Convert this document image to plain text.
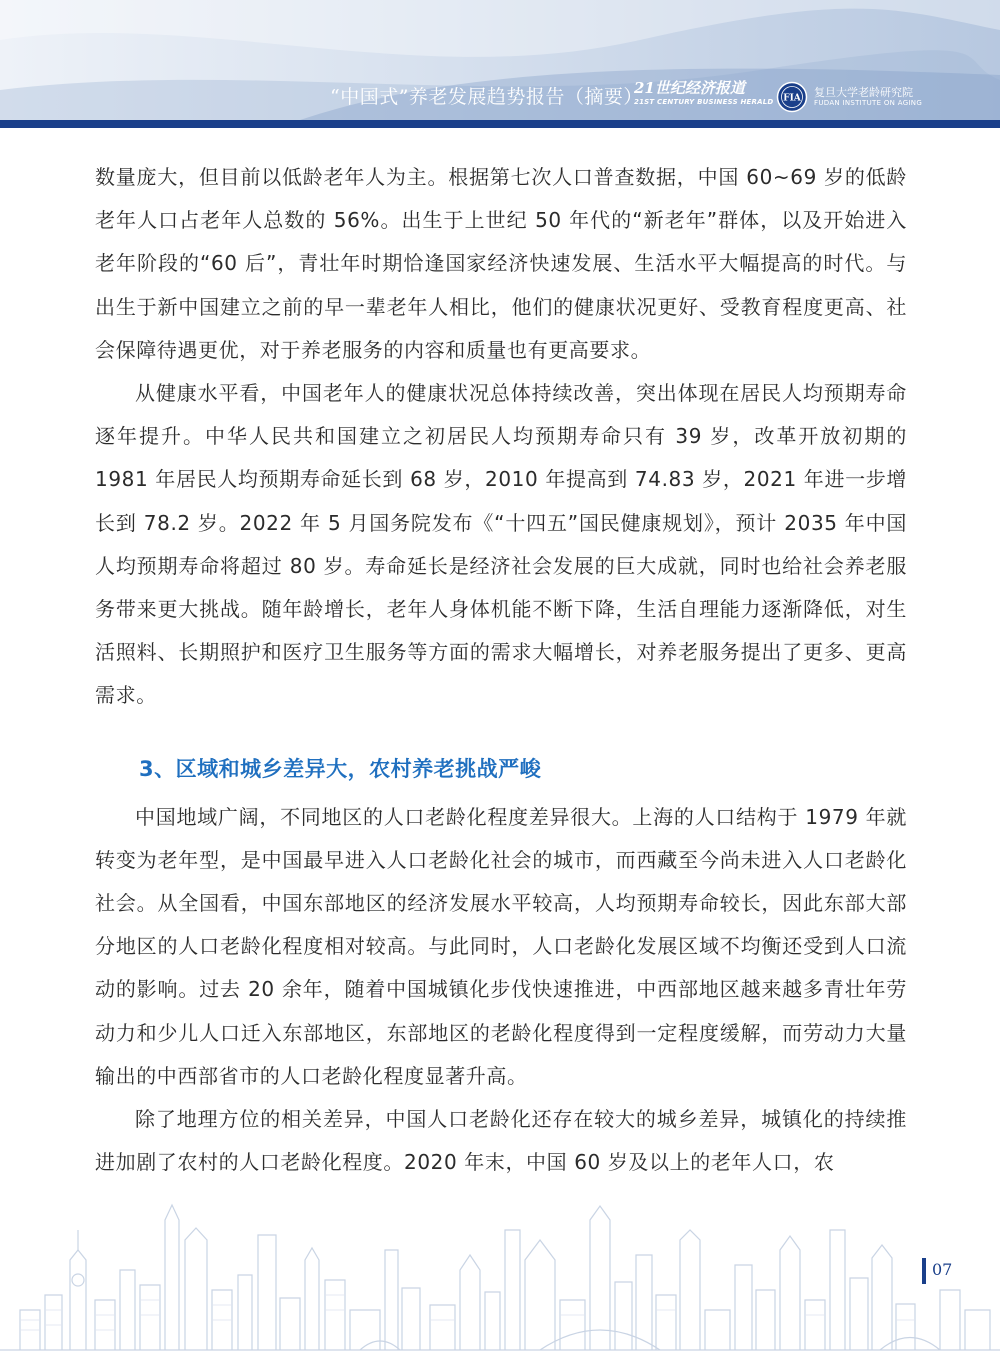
“中国式”养老发展趋势报告（摘要）
21世纪经济报道
21ST CENTURY BUSINESS HERALD FIA 复旦大学老龄研究院
FUDAN INSTITUTE ON AGING

数量庞大，但目前以低龄老年人为主。根据第七次人口普查数据，中国 60~69 岁的低龄老年人口占老年人总数的 56%。出生于上世纪 50 年代的“新老年”群体，以及开始进入老年阶段的“60 后”，青壮年时期恰逢国家经济快速发展、生活水平大幅提高的时代。与出生于新中国建立之前的早一辈老年人相比，他们的健康状况更好、受教育程度更高、社会保障待遇更优，对于养老服务的内容和质量也有更高要求。

从健康水平看，中国老年人的健康状况总体持续改善，突出体现在居民人均预期寿命逐年提升。中华人民共和国建立之初居民人均预期寿命只有 39 岁，改革开放初期的 1981 年居民人均预期寿命延长到 68 岁，2010 年提高到 74.83 岁，2021 年进一步增长到 78.2 岁。2022 年 5 月国务院发布《“十四五”国民健康规划》，预计 2035 年中国人均预期寿命将超过 80 岁。寿命延长是经济社会发展的巨大成就，同时也给社会养老服务带来更大挑战。随年龄增长，老年人身体机能不断下降，生活自理能力逐渐降低，对生活照料、长期照护和医疗卫生服务等方面的需求大幅增长，对养老服务提出了更多、更高需求。

3、区域和城乡差异大，农村养老挑战严峻

中国地域广阔，不同地区的人口老龄化程度差异很大。上海的人口结构于 1979 年就转变为老年型，是中国最早进入人口老龄化社会的城市，而西藏至今尚未进入人口老龄化社会。从全国看，中国东部地区的经济发展水平较高，人均预期寿命较长，因此东部大部分地区的人口老龄化程度相对较高。与此同时，人口老龄化发展区域不均衡还受到人口流动的影响。过去 20 余年，随着中国城镇化步伐快速推进，中西部地区越来越多青壮年劳动力和少儿人口迁入东部地区，东部地区的老龄化程度得到一定程度缓解，而劳动力大量输出的中西部省市的人口老龄化程度显著升高。

除了地理方位的相关差异，中国人口老龄化还存在较大的城乡差异，城镇化的持续推进加剧了农村的人口老龄化程度。2020 年末，中国 60 岁及以上的老年人口，农

07
